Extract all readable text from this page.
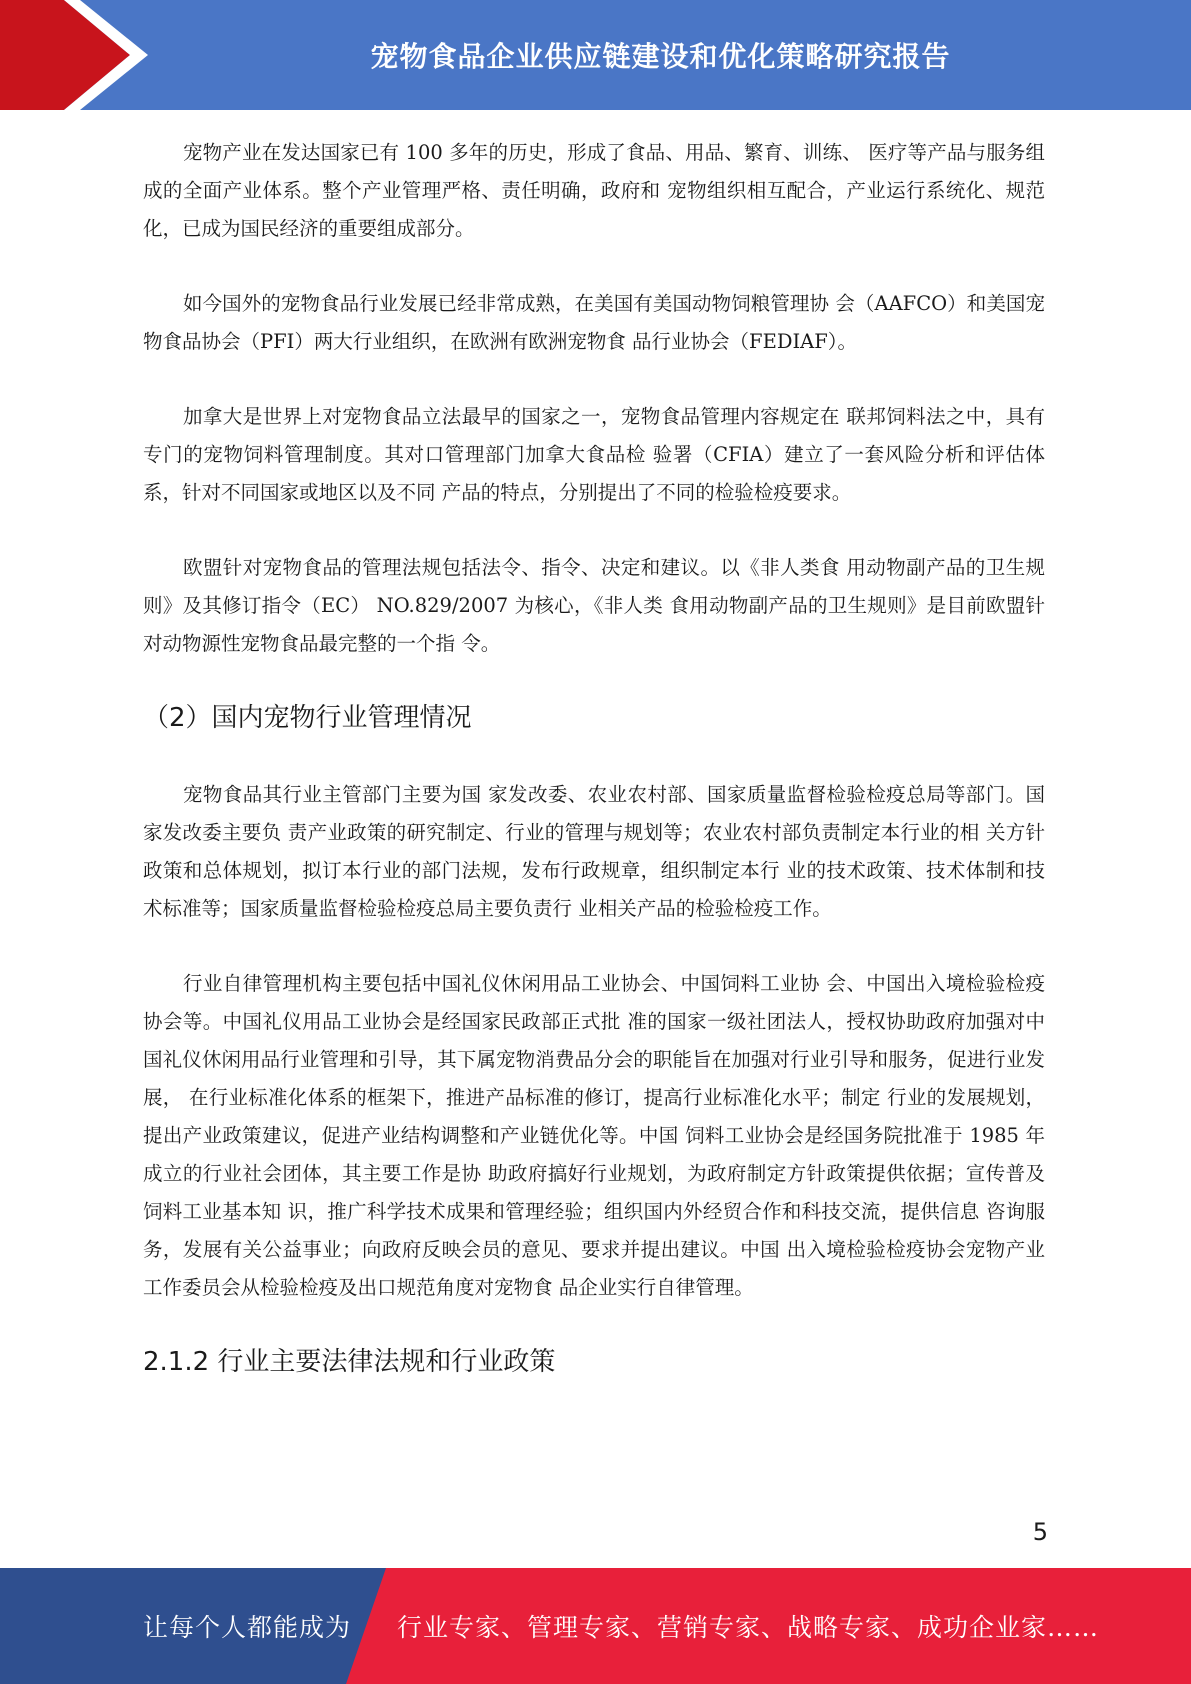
宠物食品企业供应链建设和优化策略研究报告

宠物产业在发达国家已有 100 多年的历史，形成了食品、用品、繁育、训练、 医疗等产品与服务组成的全面产业体系。整个产业管理严格、责任明确，政府和 宠物组织相互配合，产业运行系统化、规范化，已成为国民经济的重要组成部分。

如今国外的宠物食品行业发展已经非常成熟，在美国有美国动物饲粮管理协 会（AAFCO）和美国宠物食品协会（PFI）两大行业组织，在欧洲有欧洲宠物食 品行业协会（FEDIAF）。

加拿大是世界上对宠物食品立法最早的国家之一，宠物食品管理内容规定在 联邦饲料法之中，具有专门的宠物饲料管理制度。其对口管理部门加拿大食品检 验署（CFIA）建立了一套风险分析和评估体系，针对不同国家或地区以及不同 产品的特点，分别提出了不同的检验检疫要求。

欧盟针对宠物食品的管理法规包括法令、指令、决定和建议。以《非人类食 用动物副产品的卫生规则》及其修订指令（EC） NO.829/2007 为核心，《非人类 食用动物副产品的卫生规则》是目前欧盟针对动物源性宠物食品最完整的一个指 令。

（2）国内宠物行业管理情况

宠物食品其行业主管部门主要为国 家发改委、农业农村部、国家质量监督检验检疫总局等部门。国家发改委主要负 责产业政策的研究制定、行业的管理与规划等；农业农村部负责制定本行业的相 关方针政策和总体规划，拟订本行业的部门法规，发布行政规章，组织制定本行 业的技术政策、技术体制和技术标准等；国家质量监督检验检疫总局主要负责行 业相关产品的检验检疫工作。

行业自律管理机构主要包括中国礼仪休闲用品工业协会、中国饲料工业协 会、中国出入境检验检疫协会等。中国礼仪用品工业协会是经国家民政部正式批 准的国家一级社团法人，授权协助政府加强对中国礼仪休闲用品行业管理和引导，其下属宠物消费品分会的职能旨在加强对行业引导和服务，促进行业发展， 在行业标准化体系的框架下，推进产品标准的修订，提高行业标准化水平；制定 行业的发展规划，提出产业政策建议，促进产业结构调整和产业链优化等。中国 饲料工业协会是经国务院批准于 1985 年成立的行业社会团体，其主要工作是协 助政府搞好行业规划，为政府制定方针政策提供依据；宣传普及饲料工业基本知 识，推广科学技术成果和管理经验；组织国内外经贸合作和科技交流，提供信息 咨询服务，发展有关公益事业；向政府反映会员的意见、要求并提出建议。中国 出入境检验检疫协会宠物产业工作委员会从检验检疫及出口规范角度对宠物食 品企业实行自律管理。

2.1.2 行业主要法律法规和行业政策
5
让每个人都能成为 行业专家、管理专家、营销专家、战略专家、成功企业家……
